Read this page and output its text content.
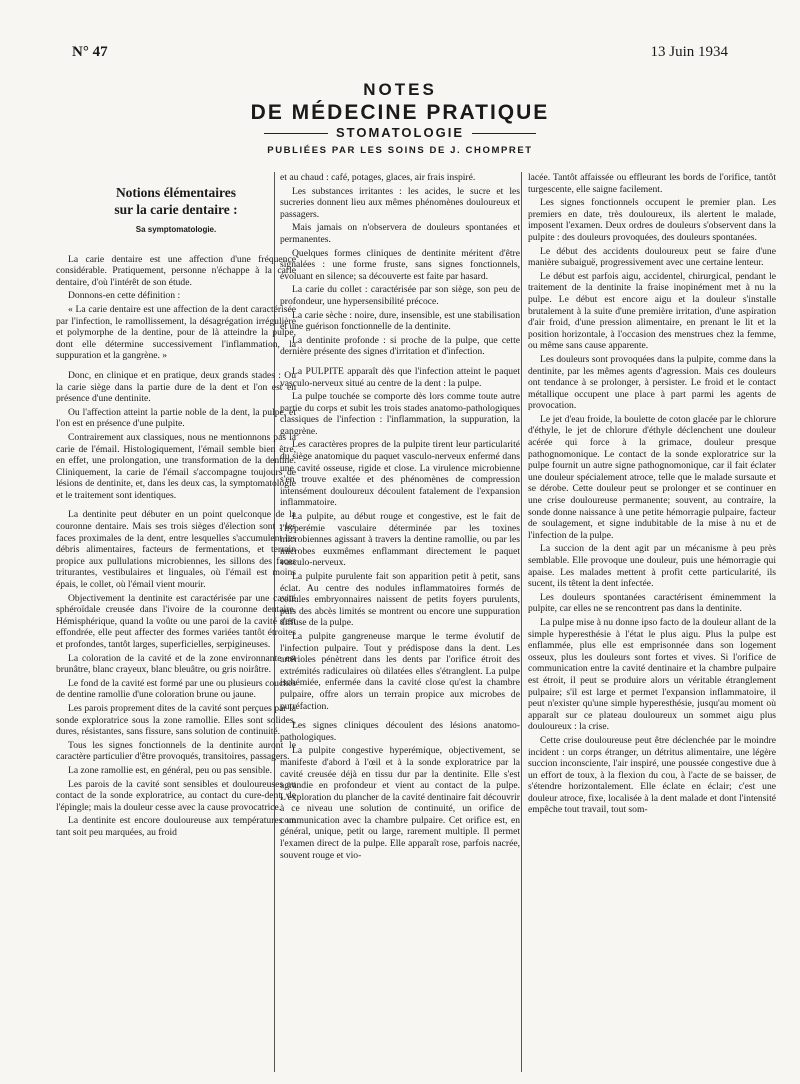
N° 47	13 Juin 1934
NOTES
DE MÉDECINE PRATIQUE
STOMATOLOGIE
PUBLIÉES PAR LES SOINS DE J. CHOMPRET
Notions élémentaires
sur la carie dentaire :
Sa symptomatologie.

La carie dentaire est une affection d'une fréquence considérable. Pratiquement, personne n'échappe à la carie dentaire, d'où l'intérêt de son étude.

Donnons-en cette définition :

« La carie dentaire est une affection de la dent caractérisée par l'infection, le ramollissement, la désagrégation irrégulière et polymorphe de la dentine, pour de là atteindre la pulpe, dont elle détermine successivement l'inflammation, la suppuration et la gangrène. »

Donc, en clinique et en pratique, deux grands stades : Ou la carie siège dans la partie dure de la dent et l'on est en présence d'une dentinite.

Ou l'affection atteint la partie noble de la dent, la pulpe, et l'on est en présence d'une pulpite.

Contrairement aux classiques, nous ne mentionnons pas la carie de l'émail. Histologiquement, l'émail semble bien être, en effet, une prolongation, une transformation de la dentine. Cliniquement, la carie de l'émail s'accompagne toujours de lésions de dentinite, et, dans les deux cas, la symptomatologie et le traitement sont identiques.

La dentinite peut débuter en un point quelconque de la couronne dentaire. Mais ses trois sièges d'élection sont : les faces proximales de la dent, entre lesquelles s'accumulent les débris alimentaires, facteurs de fermentations, et terrain propice aux pullulations microbiennes, les sillons des faces triturantes, vestibulaires et linguales, où l'émail est moins épais, le collet, où l'émail vient mourir.

Objectivement la dentinite est caractérisée par une cavité sphéroïdale creusée dans l'ivoire de la couronne dentaire. Hémisphérique, quand la voûte ou une paroi de la cavité s'est effondrée, elle peut affecter des formes variées tantôt étroites et profondes, tantôt larges, superficielles, serpigineuses.

La coloration de la cavité et de la zone environnante est brunâtre, blanc crayeux, blanc bleuâtre, ou gris noirâtre.

Le fond de la cavité est formé par une ou plusieurs couches de dentine ramollie d'une coloration brune ou jaune.

Les parois proprement dites de la cavité sont perçues par la sonde exploratrice sous la zone ramollie. Elles sont solides, dures, résistantes, sans fissure, sans solution de continuité.

Tous les signes fonctionnels de la dentinite auront le caractère particulier d'être provoqués, transitoires, passagers.

La zone ramollie est, en général, peu ou pas sensible.

Les parois de la cavité sont sensibles et douloureuses au contact de la sonde exploratrice, au contact du cure-dent, de l'épingle; mais la douleur cesse avec la cause provocatrice.

La dentinite est encore douloureuse aux températures un tant soit peu marquées, au froid

et au chaud : café, potages, glaces, air frais inspiré.

Les substances irritantes : les acides, le sucre et les sucreries donnent lieu aux mêmes phénomènes douloureux et passagers.

Mais jamais on n'observera de douleurs spontanées et permanentes.

Quelques formes cliniques de dentinite méritent d'être signalées : une forme fruste, sans signes fonctionnels, évoluant en silence; sa découverte est faite par hasard.

La carie du collet : caractérisée par son siège, son peu de profondeur, une hypersensibilité précoce.

La carie sèche : noire, dure, insensible, est une stabilisation et une guérison fonctionnelle de la dentinite.

La dentinite profonde : si proche de la pulpe, que cette dernière présente des signes d'irritation et d'infection.

La PULPITE apparaît dès que l'infection atteint le paquet vasculo-nerveux situé au centre de la dent : la pulpe.

La pulpe touchée se comporte dès lors comme toute autre partie du corps et subit les trois stades anatomo-pathologiques classiques de l'infection : l'inflammation, la suppuration, la gangrène.

Les caractères propres de la pulpite tirent leur particularité du siège anatomique du paquet vasculo-nerveux enfermé dans une cavité osseuse, rigide et close. La virulence microbienne s'en trouve exaltée et des phénomènes de compression intensément douloureux découlent fatalement de l'expansion inflammatoire.

La pulpite, au début rouge et congestive, est le fait de l'hyperémie vasculaire déterminée par les toxines microbiennes agissant à travers la dentine ramollie, ou par les microbes euxmêmes enflammant directement le paquet vasculo-nerveux.

La pulpite purulente fait son apparition petit à petit, sans éclat. Au centre des nodules inflammatoires formés de cellules embryonnaires naissent de petits foyers purulents, puis des abcès limités se montrent ou encore une suppuration diffuse de la pulpe.

La pulpite gangreneuse marque le terme évolutif de l'infection pulpaire. Tout y prédispose dans la dent. Les artérioles pénètrent dans les dents par l'orifice étroit des extrémités radiculaires où dilatées elles s'étranglent. La pulpe ischémiée, enfermée dans la cavité close qu'est la chambre pulpaire, offre alors un terrain propice aux microbes de putréfaction.

Les signes cliniques découlent des lésions anatomo-pathologiques.

La pulpite congestive hyperémique, objectivement, se manifeste d'abord à l'œil et à la sonde exploratrice par la cavité creusée déjà en tissu dur par la dentinite. Elle s'est agrandie en profondeur et vient au contact de la pulpe. L'exploration du plancher de la cavité dentinaire fait découvrir à ce niveau une solution de continuité, un orifice de communication avec la chambre pulpaire. Cet orifice est, en général, unique, petit ou large, rarement multiple. Il permet l'examen direct de la pulpe. Elle apparaît rose, parfois nacrée, souvent rouge et vio-

lacée. Tantôt affaissée ou effleurant les bords de l'orifice, tantôt turgescente, elle saigne facilement.

Les signes fonctionnels occupent le premier plan. Les premiers en date, très douloureux, ils alertent le malade, imposent l'examen. Deux ordres de douleurs s'observent dans la pulpite : des douleurs provoquées, des douleurs spontanées.

Le début des accidents douloureux peut se faire d'une manière subaiguë, progressivement avec une certaine lenteur.

Le début est parfois aigu, accidentel, chirurgical, pendant le traitement de la dentinite la fraise inopinément met à nu la pulpe. Le début est encore aigu et la douleur s'installe brutalement à la suite d'une première irritation, d'une aspiration d'air froid, d'une pression alimentaire, en prenant le lit et la position horizontale, à l'occasion des menstrues chez la femme, ou même sans cause apparente.

Les douleurs sont provoquées dans la pulpite, comme dans la dentinite, par les mêmes agents d'agression. Mais ces douleurs ont tendance à se prolonger, à persister. Le froid et le contact métallique occupent une place à part parmi les agents de provocation.

Le jet d'eau froide, la boulette de coton glacée par le chlorure d'éthyle, le jet de chlorure d'éthyle déclenchent une douleur acérée qui force à la grimace, douleur presque pathognomonique. Le contact de la sonde exploratrice sur la pulpe fournit un autre signe pathognomonique, car il fait éclater une douleur spécialement atroce, telle que le malade sursaute et se dérobe. Cette douleur peut se prolonger et se continuer en une crise douloureuse permanente; souvent, au contraire, la sonde donne naissance à une petite hémorragie pulpaire, facteur de soulagement, et signe indubitable de la mise à nu et de l'infection de la pulpe.

La succion de la dent agit par un mécanisme à peu près semblable. Elle provoque une douleur, puis une hémorragie qui apaise. Les malades mettent à profit cette particularité, ils sucent, ils têtent la dent infectée.

Les douleurs spontanées caractérisent éminemment la pulpite, car elles ne se rencontrent pas dans la dentinite.

La pulpe mise à nu donne ipso facto de la douleur allant de la simple hyperesthésie à l'état le plus aigu. Plus la pulpe est enflammée, plus elle est emprisonnée dans son logement osseux, plus les douleurs sont fortes et vives. Si l'orifice de communication entre la cavité dentinaire et la chambre pulpaire est étroit, il peut se produire alors un véritable étranglement pulpaire; s'il est large et permet l'expansion inflammatoire, il peut n'exister qu'une simple hyperesthésie, jusqu'au moment où apparaît sur ce plateau douloureux un sommet aigu plus douloureux : la crise.

Cette crise douloureuse peut être déclenchée par le moindre incident : un corps étranger, un détritus alimentaire, une légère succion inconsciente, l'air inspiré, une poussée congestive due à un effort de toux, à la flexion du cou, à l'acte de se baisser, de s'étendre horizontalement. Elle éclate en éclair; c'est une douleur atroce, fixe, localisée à la dent malade et dont l'intensité empêche tout travail, tout som-
